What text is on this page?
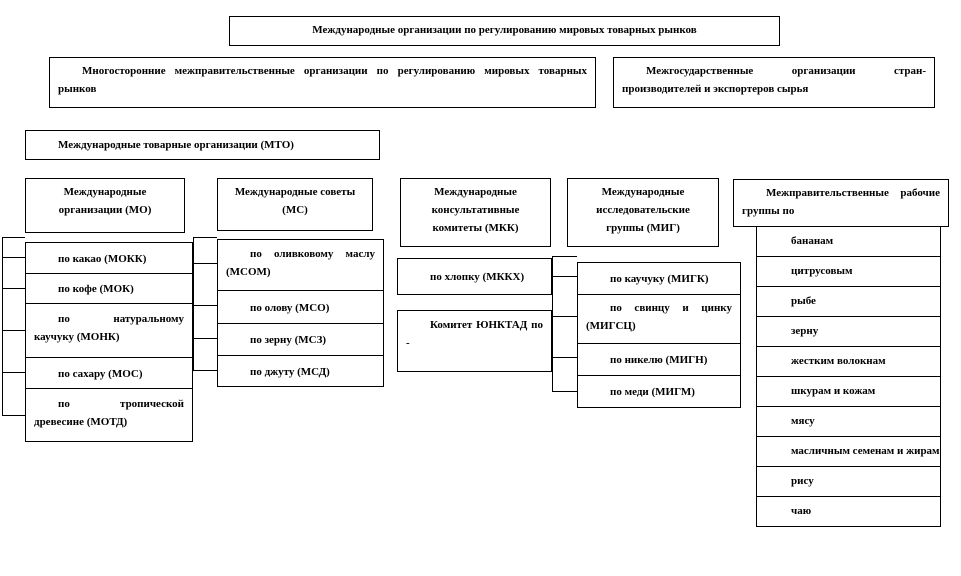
Международные организации по регулированию мировых товарных рынков
Многосторонние межправительственные организации по регулированию мировых товарных рынков
Межгосударственные организации стран-производителей и экспортеров сырья
Международные товарные организации (МТО)
Международные организации (МО)
по какао (МОКК)
по кофе (МОК)
по натуральному каучуку (МОНК)
по сахару (МОС)
по тропической древесине (МОТД)
Международные советы (МС)
по оливковому маслу (МСОМ)
по олову (МСО)
по зерну (МСЗ)
по джуту (МСД)
Международные консультативные комитеты (МКК)
по хлопку (МККХ)
Комитет ЮНКТАД по -
Международные исследовательские группы (МИГ)
по каучуку (МИГК)
по свинцу и цинку (МИГСЦ)
по никелю (МИГН)
по меди (МИГМ)
Межправительственные рабочие группы по
бананам
цитрусовым
рыбе
зерну
жестким волокнам
шкурам и кожам
мясу
масличным семенам и жирам
рису
чаю
